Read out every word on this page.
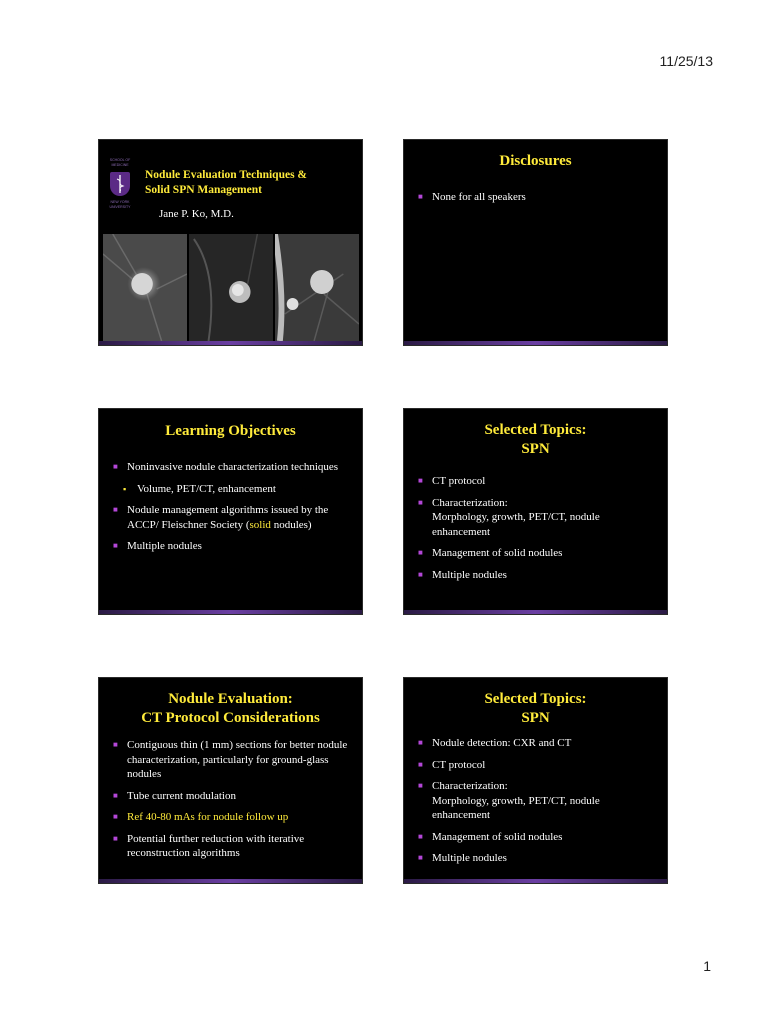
11/25/13
SCHOOL OF
MEDICINE
NEW YORK
UNIVERSITY
Nodule Evaluation Techniques &
Solid SPN Management
Jane P. Ko, M.D.
Disclosures
■ None for all speakers
Learning Objectives
■ Noninvasive nodule characterization techniques
▪ Volume, PET/CT, enhancement
■ Nodule management algorithms issued by the ACCP/ Fleischner Society (solid nodules)
■ Multiple nodules
Selected Topics:
SPN
■ CT protocol
■ Characterization:
Morphology, growth, PET/CT, nodule enhancement
■ Management of solid nodules
■ Multiple nodules
Nodule Evaluation:
CT Protocol Considerations
■ Contiguous thin (1 mm) sections for better nodule characterization, particularly for ground-glass nodules
■ Tube current modulation
■ Ref 40-80 mAs for nodule follow up
■ Potential further reduction with iterative reconstruction algorithms
Selected Topics:
SPN
■ Nodule detection: CXR and CT
■ CT protocol
■ Characterization:
Morphology, growth, PET/CT, nodule enhancement
■ Management of solid nodules
■ Multiple nodules
1
